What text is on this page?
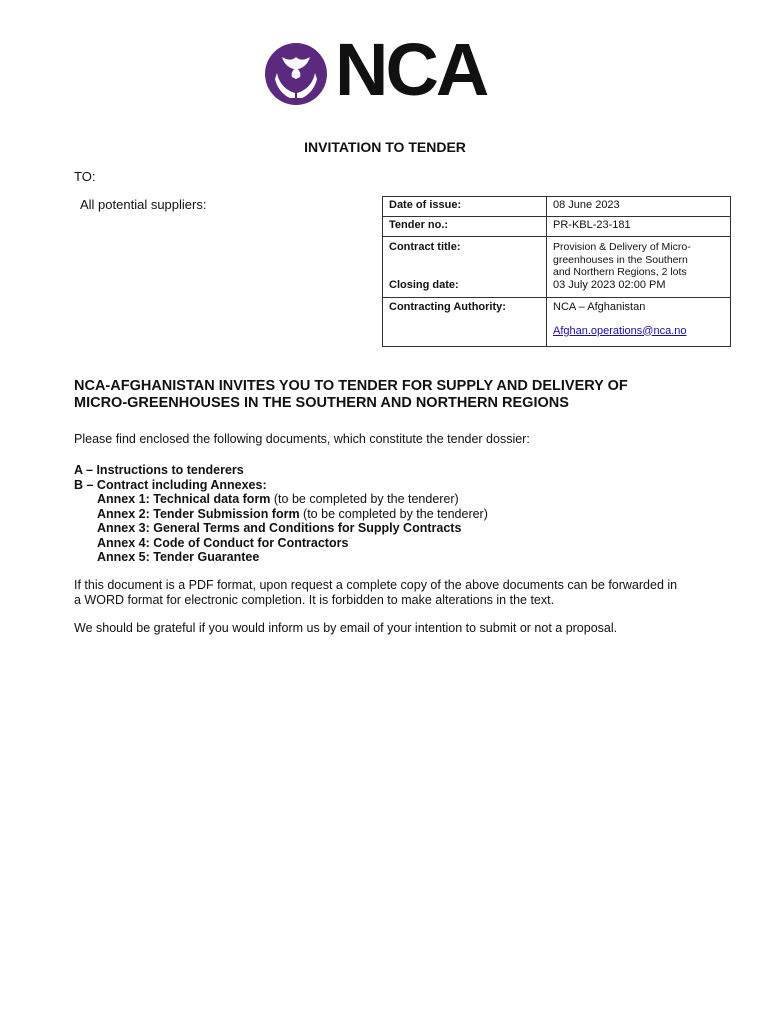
NCA
INVITATION TO TENDER
TO:
All potential suppliers:	Date of issue:	08 June 2023
Tender no.:	PR-KBL-23-181
Contract title:	Provision & Delivery of Micro-
greenhouses in the Southern
and Northern Regions, 2 lots

Closing date:	03 July 2023 02:00 PM
Contracting Authority:	NCA – Afghanistan
Afghan.operations@nca.no
NCA-AFGHANISTAN INVITES YOU TO TENDER FOR SUPPLY AND DELIVERY OF
MICRO-GREENHOUSES IN THE SOUTHERN AND NORTHERN REGIONS
Please find enclosed the following documents, which constitute the tender dossier:
A – Instructions to tenderers
B – Contract including Annexes:
Annex 1: Technical data form (to be completed by the tenderer)
Annex 2: Tender Submission form (to be completed by the tenderer)
Annex 3: General Terms and Conditions for Supply Contracts
Annex 4: Code of Conduct for Contractors
Annex 5: Tender Guarantee
If this document is a PDF format, upon request a complete copy of the above documents can be forwarded in
a WORD format for electronic completion. It is forbidden to make alterations in the text.
We should be grateful if you would inform us by email of your intention to submit or not a proposal.
